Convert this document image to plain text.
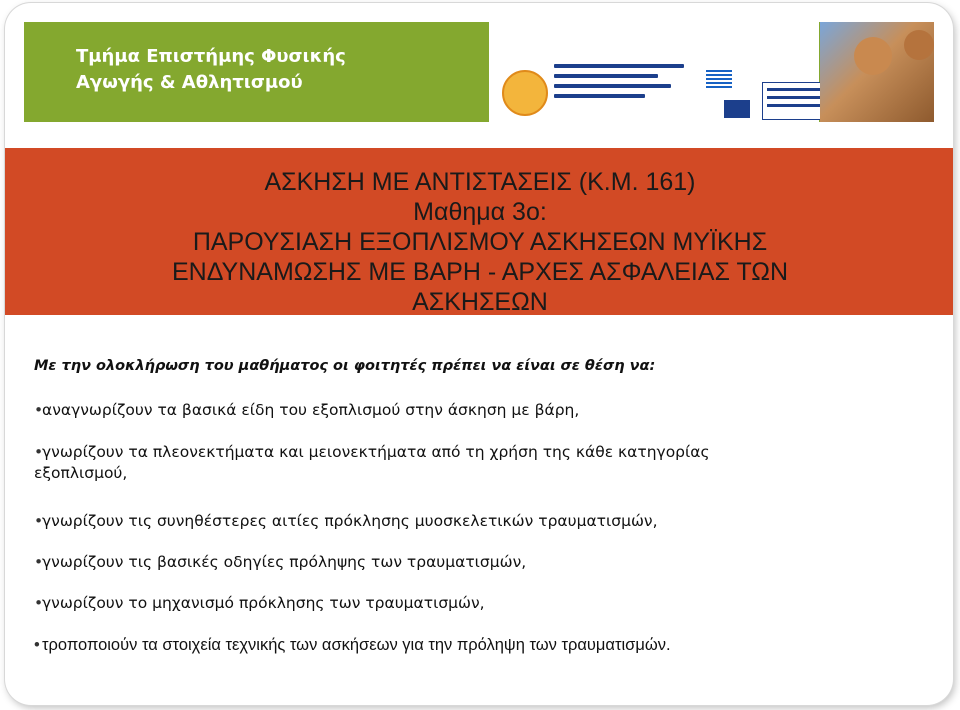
Τμήμα Επιστήμης Φυσικής
Αγωγής & Αθλητισμού
ΑΣΚΗΣΗ ΜΕ ΑΝΤΙΣΤΑΣΕΙΣ (Κ.Μ. 161)
Μαθημα 3ο:
ΠΑΡΟΥΣΙΑΣΗ ΕΞΟΠΛΙΣΜΟΥ ΑΣΚΗΣΕΩΝ ΜΥΪΚΗΣ
ΕΝΔΥΝΑΜΩΣΗΣ ΜΕ ΒΑΡΗ - ΑΡΧΕΣ ΑΣΦΑΛΕΙΑΣ ΤΩΝ
ΑΣΚΗΣΕΩΝ
Με την ολοκλήρωση του μαθήματος οι φοιτητές πρέπει να είναι σε θέση να:
• αναγνωρίζουν τα βασικά είδη του εξοπλισμού στην άσκηση με βάρη,
• γνωρίζουν τα πλεονεκτήματα και μειονεκτήματα από τη χρήση της κάθε κατηγορίας
εξοπλισμού,
• γνωρίζουν τις συνηθέστερες αιτίες πρόκλησης μυοσκελετικών τραυματισμών,
• γνωρίζουν τις βασικές οδηγίες πρόληψης των τραυματισμών,
• γνωρίζουν το μηχανισμό πρόκλησης των τραυματισμών,
• τροποποιούν τα στοιχεία τεχνικής των ασκήσεων για την πρόληψη των τραυματισμών.
